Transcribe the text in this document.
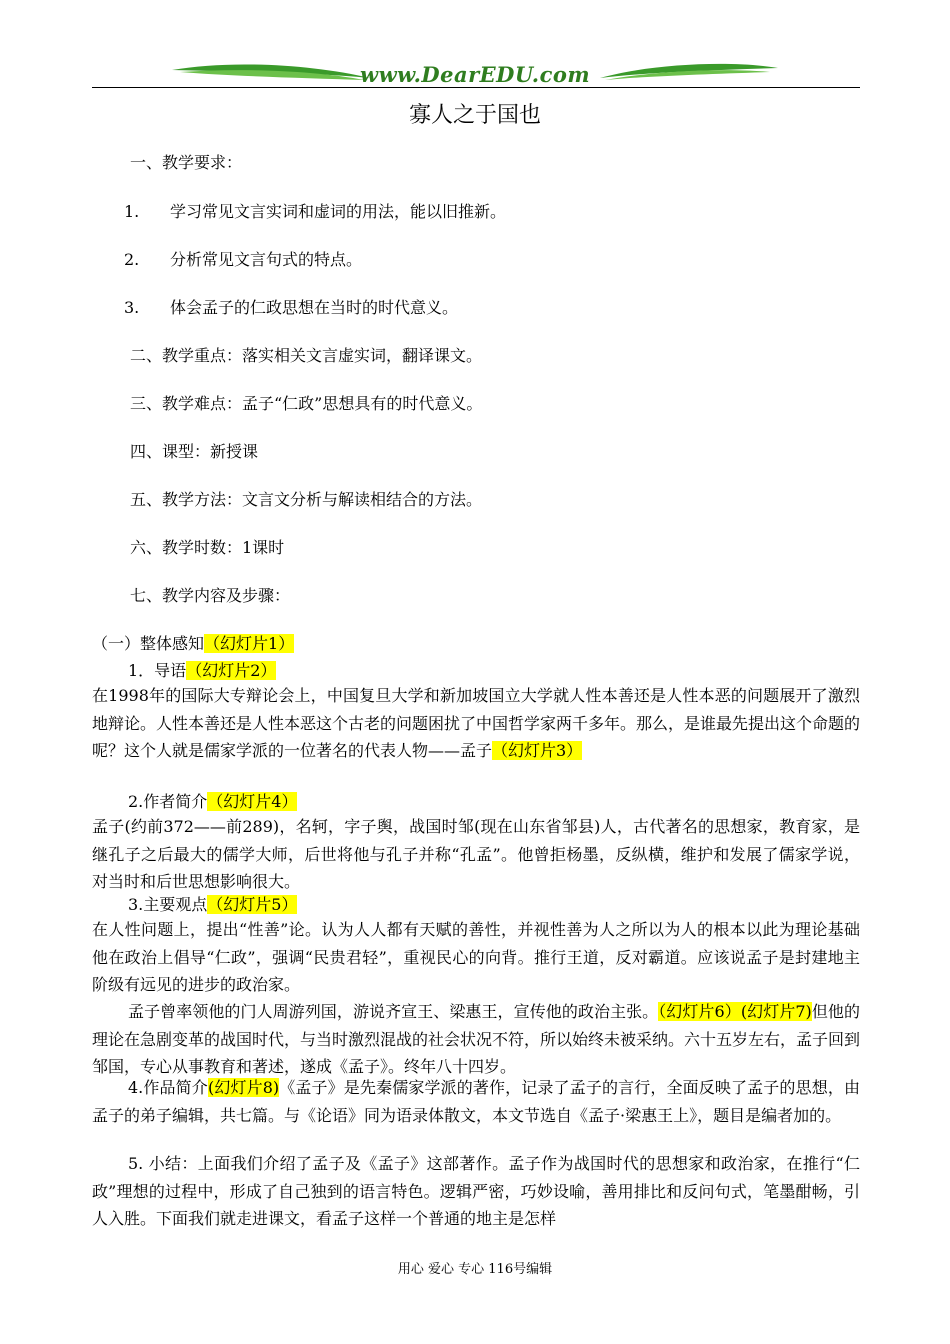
www.DearEDU.com
寡人之于国也
一、教学要求：
1. 学习常见文言实词和虚词的用法，能以旧推新。
2. 分析常见文言句式的特点。
3. 体会孟子的仁政思想在当时的时代意义。
二、教学重点：落实相关文言虚实词，翻译课文。
三、教学难点：孟子“仁政”思想具有的时代意义。
四、课型：新授课
五、教学方法：文言文分析与解读相结合的方法。
六、教学时数：1课时
七、教学内容及步骤：
（一）整体感知（幻灯片1）
1．导语（幻灯片2）
在1998年的国际大专辩论会上，中国复旦大学和新加坡国立大学就人性本善还是人性本恶的问题展开了激烈地辩论。人性本善还是人性本恶这个古老的问题困扰了中国哲学家两千多年。那么，是谁最先提出这个命题的呢？这个人就是儒家学派的一位著名的代表人物——孟子（幻灯片3）
2.作者简介（幻灯片4）
孟子(约前372——前289)，名轲，字子舆，战国时邹(现在山东省邹县)人，古代著名的思想家，教育家，是继孔子之后最大的儒学大师，后世将他与孔子并称“孔孟”。他曾拒杨墨，反纵横，维护和发展了儒家学说，对当时和后世思想影响很大。
3.主要观点（幻灯片5）
在人性问题上，提出“性善”论。认为人人都有天赋的善性，并视性善为人之所以为人的根本以此为理论基础他在政治上倡导“仁政”，强调“民贵君轻”，重视民心的向背。推行王道，反对霸道。应该说孟子是封建地主阶级有远见的进步的政治家。
孟子曾率领他的门人周游列国，游说齐宣王、梁惠王，宣传他的政治主张。（幻灯片6）(幻灯片7)但他的理论在急剧变革的战国时代，与当时激烈混战的社会状况不符，所以始终未被采纳。六十五岁左右，孟子回到邹国，专心从事教育和著述，遂成《孟子》。终年八十四岁。
4.作品简介(幻灯片8)《孟子》是先秦儒家学派的著作，记录了孟子的言行，全面反映了孟子的思想，由孟子的弟子编辑，共七篇。与《论语》同为语录体散文，本文节选自《孟子·梁惠王上》，题目是编者加的。
5. 小结：上面我们介绍了孟子及《孟子》这部著作。孟子作为战国时代的思想家和政治家，在推行“仁政”理想的过程中，形成了自己独到的语言特色。逻辑严密，巧妙设喻，善用排比和反问句式，笔墨酣畅，引人入胜。下面我们就走进课文，看孟子这样一个普通的地主是怎样
用心 爱心 专心 116号编辑
